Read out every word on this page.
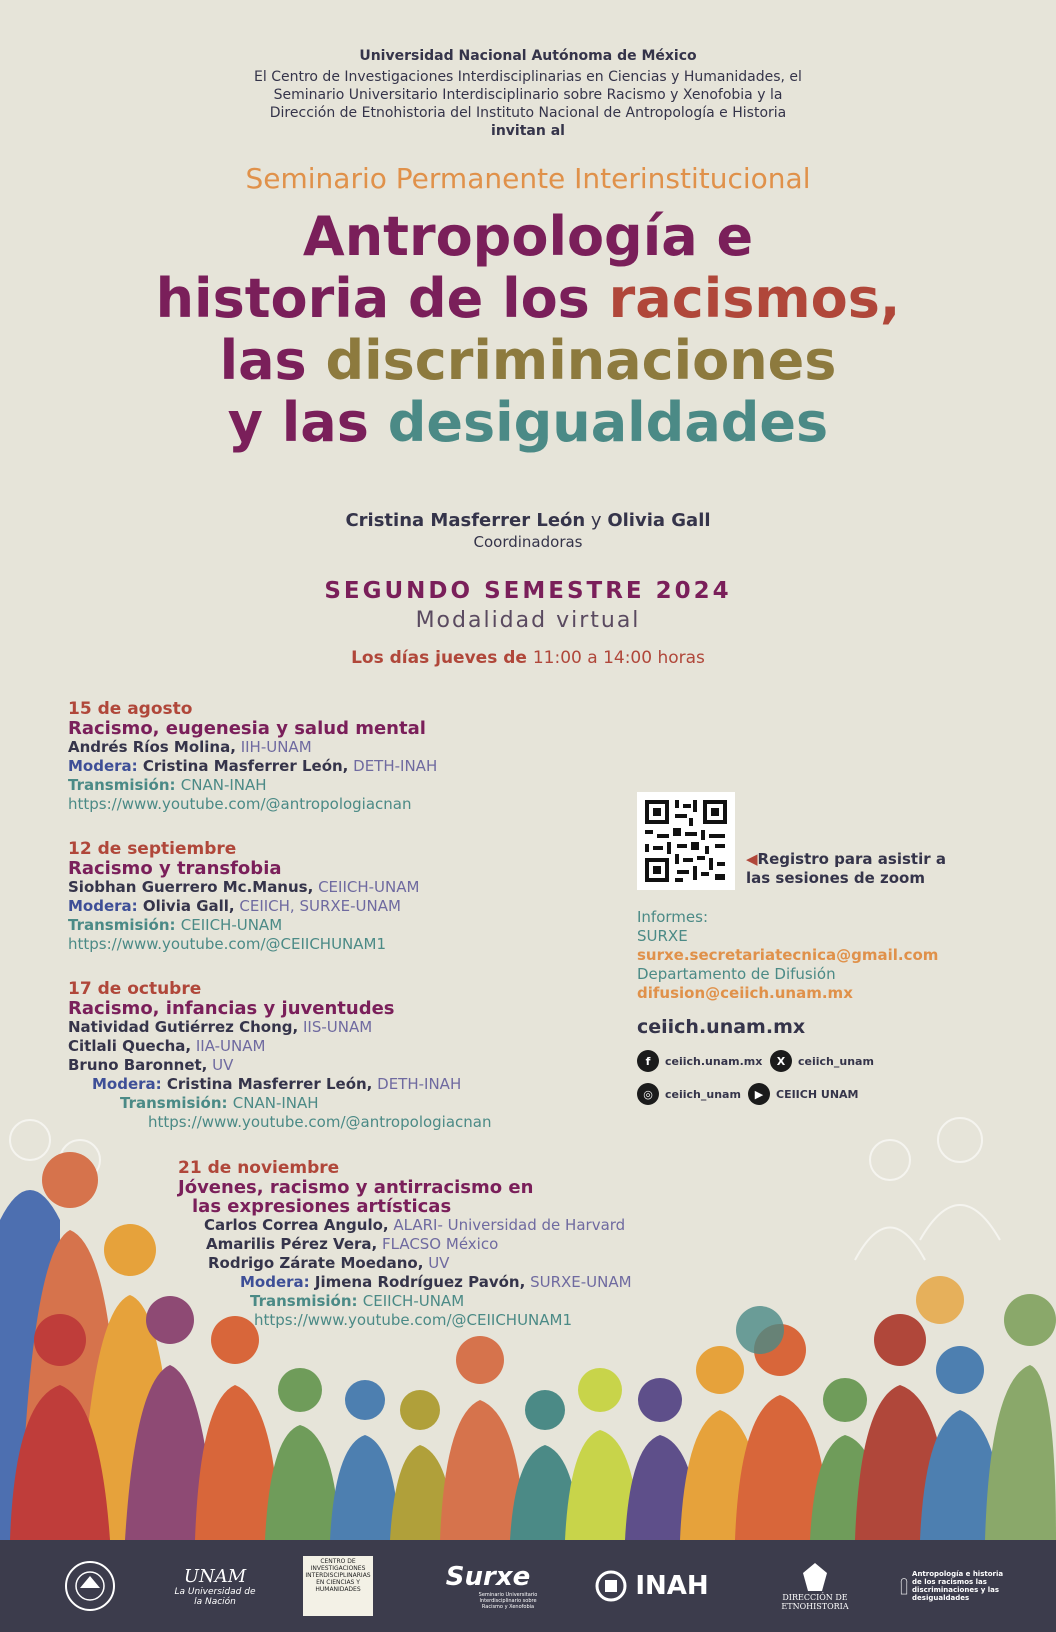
Universidad Nacional Autónoma de México
El Centro de Investigaciones Interdisciplinarias en Ciencias y Humanidades, el
Seminario Universitario Interdisciplinario sobre Racismo y Xenofobia y la
Dirección de Etnohistoria del Instituto Nacional de Antropología e Historia
invitan al
Seminario Permanente Interinstitucional
Antropología e
historia de los racismos,
las discriminaciones
y las desigualdades
Cristina Masferrer León y Olivia Gall
Coordinadoras
SEGUNDO SEMESTRE 2024
Modalidad virtual
Los días jueves de 11:00 a 14:00 horas
15 de agosto
Racismo, eugenesia y salud mental
Andrés Ríos Molina, IIH-UNAM
Modera: Cristina Masferrer León, DETH-INAH
Transmisión: CNAN-INAH
https://www.youtube.com/@antropologiacnan
12 de septiembre
Racismo y transfobia
Siobhan Guerrero Mc.Manus, CEIICH-UNAM
Modera: Olivia Gall, CEIICH, SURXE-UNAM
Transmisión: CEIICH-UNAM
https://www.youtube.com/@CEIICHUNAM1
17 de octubre
Racismo, infancias y juventudes
Natividad Gutiérrez Chong, IIS-UNAM
Citlali Quecha, IIA-UNAM
Bruno Baronnet, UV
Modera: Cristina Masferrer León, DETH-INAH
Transmisión: CNAN-INAH
https://www.youtube.com/@antropologiacnan
21 de noviembre
Jóvenes, racismo y antirracismo en
las expresiones artísticas
Carlos Correa Angulo, ALARI- Universidad de Harvard
Amarilis Pérez Vera, FLACSO México
Rodrigo Zárate Moedano, UV
Modera: Jimena Rodríguez Pavón, SURXE-UNAM
Transmisión: CEIICH-UNAM
https://www.youtube.com/@CEIICHUNAM1
◀Registro para asistir a
las sesiones de zoom
Informes:
SURXE
surxe.secretariatecnica@gmail.com
Departamento de Difusión
difusion@ceiich.unam.mx
ceiich.unam.mx
f	ceiich.unam.mx	X	ceiich_unam
◎	ceiich_unam	▶	CEIICH UNAM
UNAM
La Universidad de la Nación
CENTRO DE INVESTIGACIONES INTERDISCIPLINARIAS EN CIENCIAS Y HUMANIDADES	Surxe
Seminario Universitario Interdisciplinario sobre Racismo y Xenofobia
INAH	DIRECCIÓN DE ETNOHISTORIA
Antropología e historia de los racismos las discriminaciones y las desigualdades
